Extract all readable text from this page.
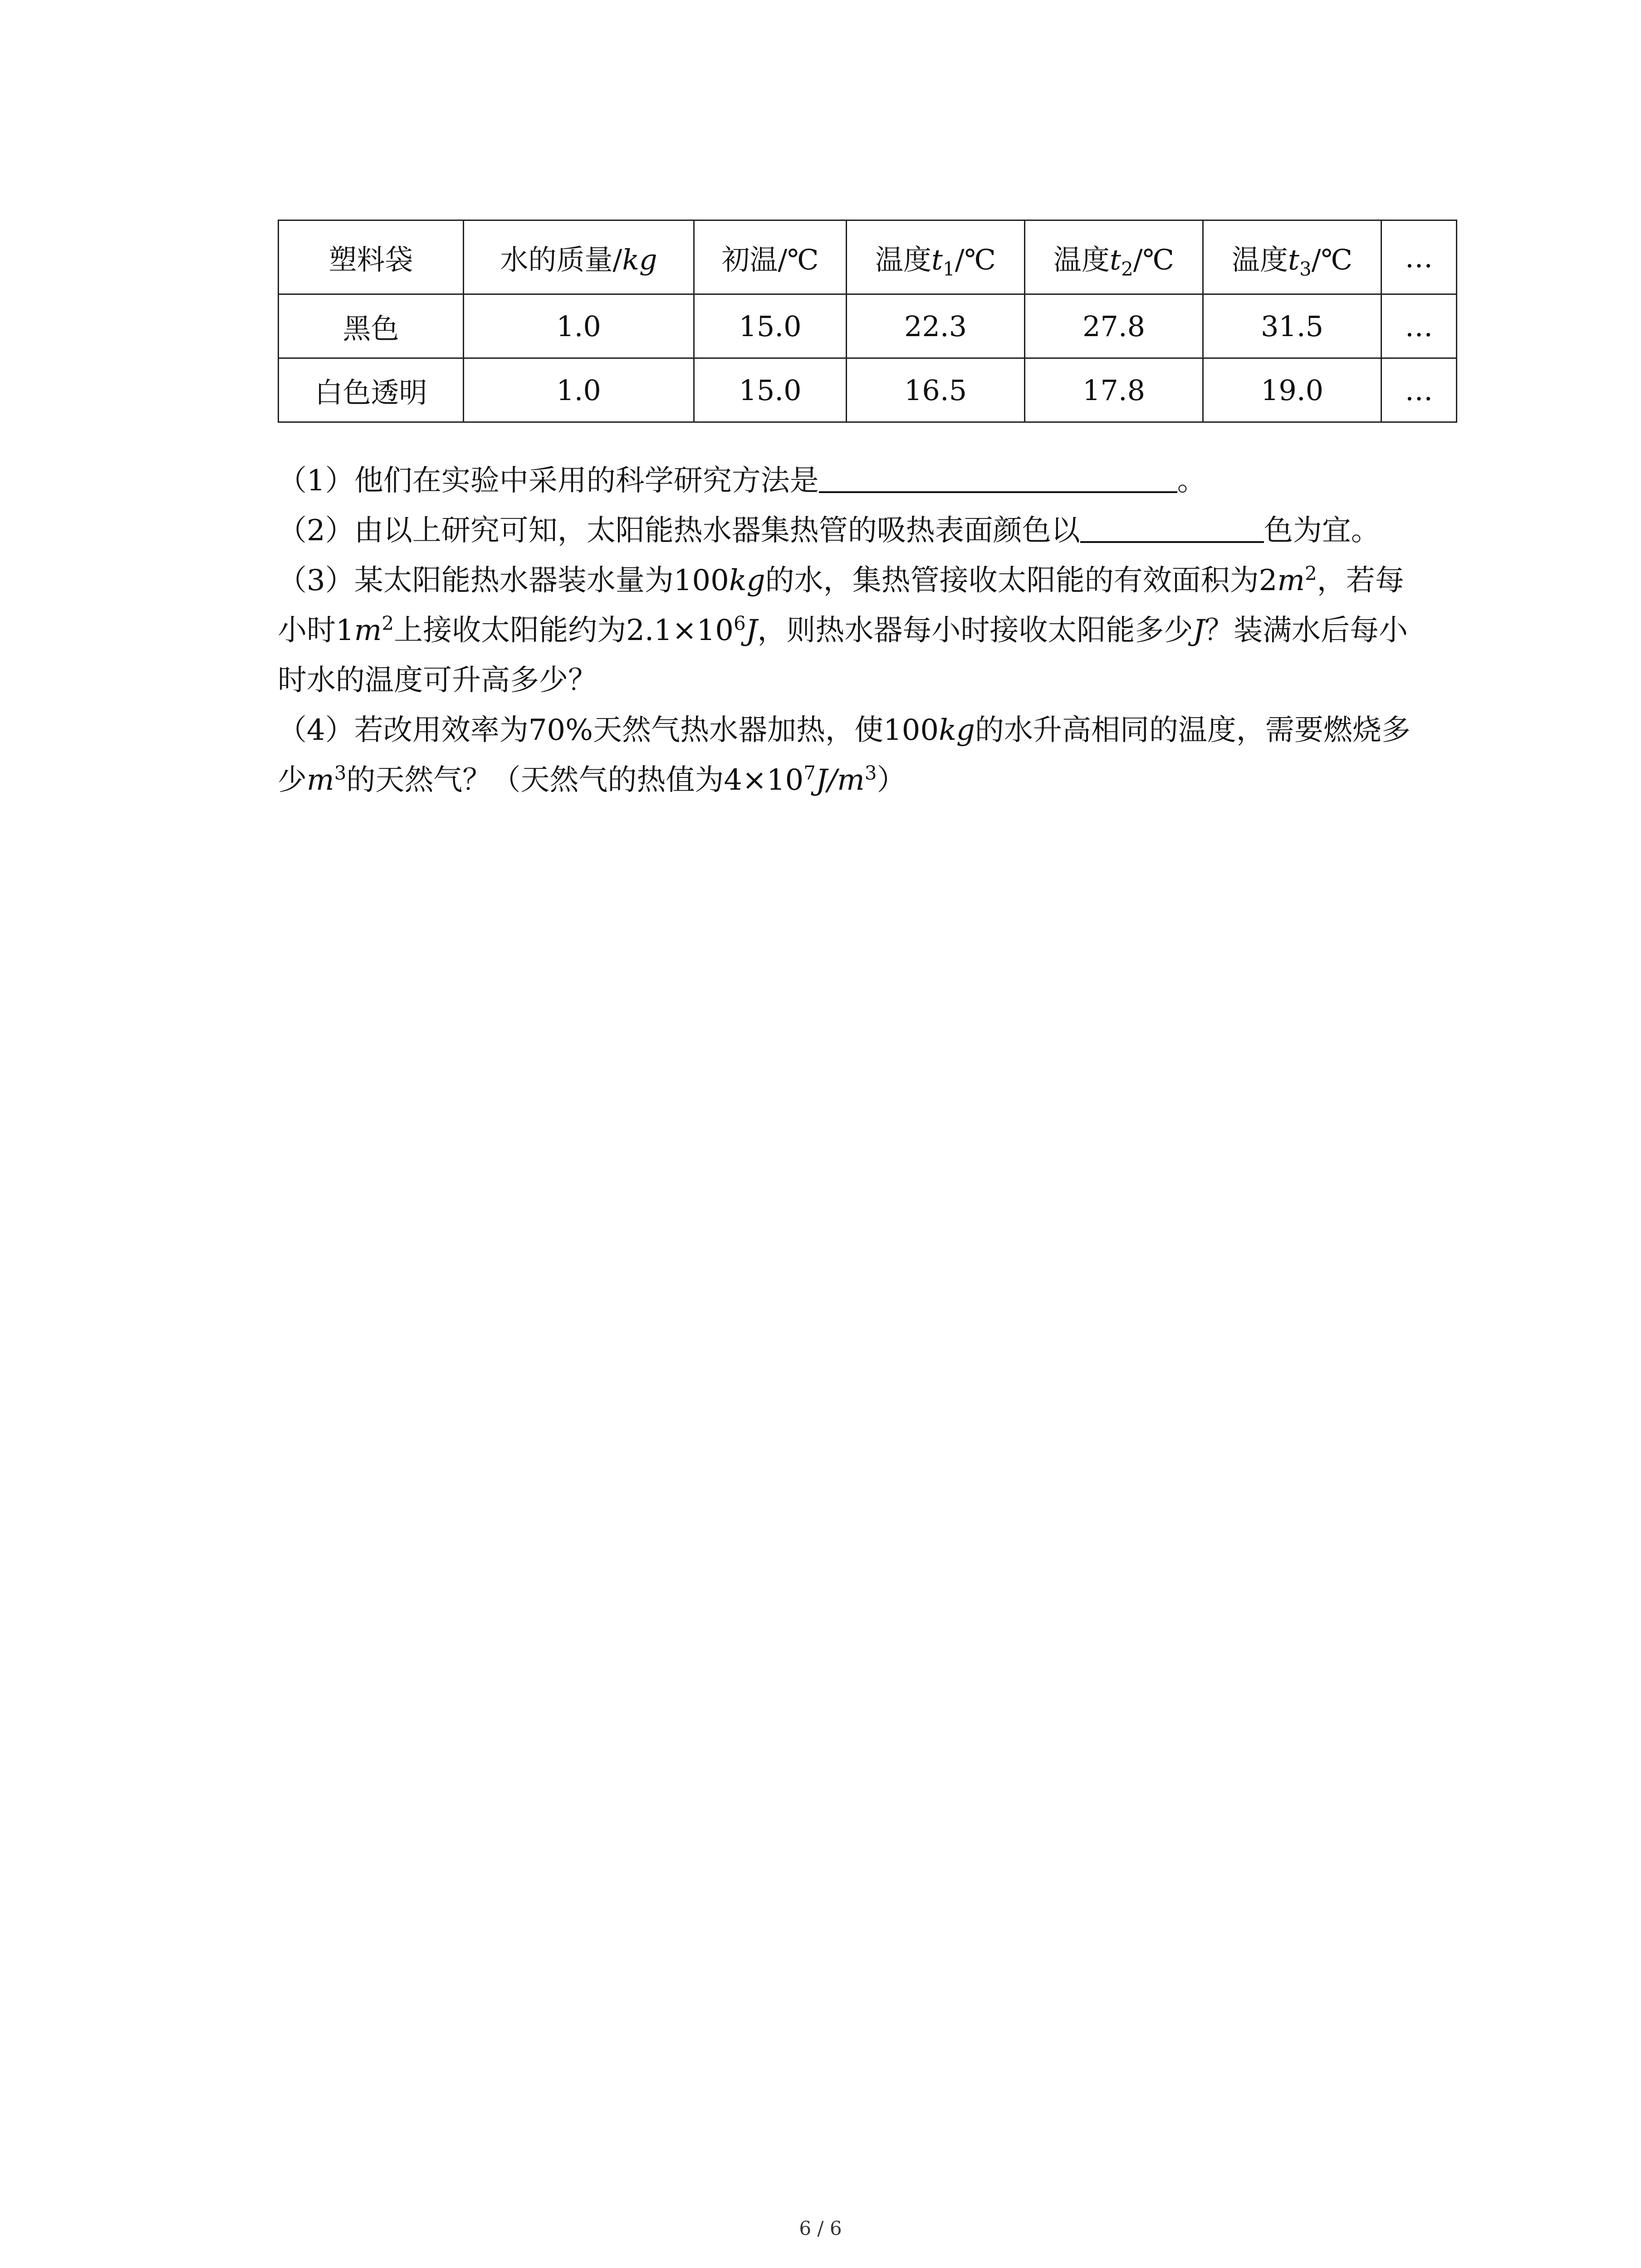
塑料袋	水的质量/kg	初温/℃	温度$t_1/℃$	温度$t_2/℃$	温度$t_3/℃$	…
黑色	1.0	15.0	22.3	27.8	31.5	…
白色透明	1.0	15.0	16.5	17.8	19.0	…
（1）他们在实验中采用的科学研究方法是	。
（2）由以上研究可知，太阳能热水器集热管的吸热表面颜色以	色为宜。
（3）某太阳能热水器装水量为100kg的水，集热管接收太阳能的有效面积为$2m^2$，若每
小时$1m^2$上接收太阳能约为$2.1\times 10^6J$，则热水器每小时接收太阳能多少J？装满水后每小
时水的温度可升高多少？
（4）若改用效率为70%天然气热水器加热，使100kg的水升高相同的温度，需要燃烧多
少$m^3$的天然气？（天然气的热值为$4\times 10^7J/m^3$）
6 / 6
